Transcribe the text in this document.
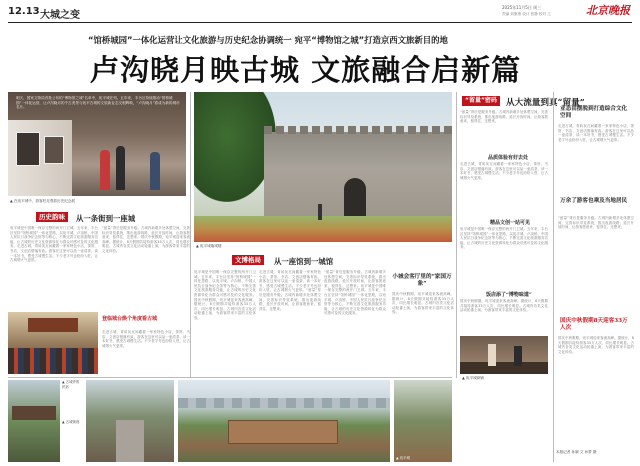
12.13 大城之变
2025年11月5日 周三
责编 刘康康 设计 张静 校对 王	北京晚报
“馆桥城园”一体化运营让文化旅游与历史纪念协调统一 宛平“博物馆之城”打造京西文旅新目的地
卢沟晓月映古城 文旅融合启新篇
明天，国家文物局首批公布的“博物馆之城”名单中，宛平城在列。五年来，丰台区持续推动“馆桥城园”一体化运营，让卢沟晓月的千古美景与宛平古城的文旅新业态交相辉映，“卢沟晓月”将成为新的城市名片。
▲ 在宛平城中，游客驻足观看历史纪念展
▲ 宛平城墙城楼
“留量”密码	从大流量到真“留量”
“留量”背后是服务升级。古城内新增多处休憩空间，完善标识导览系统，推出夜游线路，延长开放时间，让游客愿意来、留得住、还想来。
品质体验有好去处
走进古城，青砖灰瓦间藏着一家家特色小店，茶馆、书店、文创店错落有致。游客在这里可以品一壶清茶，读一本好书，感受古城慢生活。不少老字号也纷纷入驻，让古城烟火气更浓。
精品文创一站可见
宛平城是中国唯一保存完整的两开门卫城。五年来，丰台区坚持“馆桥城园”一体化思路，以宛平城、卢沟桥、中国人民抗日战争纪念馆等为核心，不断完善文化旅游服务功能，让古城的历史文化资源转化为群众可感可及的文化服务。
饭店添了“博物味道”
国庆中秋假期，宛平城迎来客流高峰。据统计，8天假期共接待游客33万人次，同比增长明显。古城内各类文化活动轮番上演，为游客带来丰富的文化体验。
▲ 宛平城商铺
业态由摆脱到打造综合文化空间
走进古城，青砖灰瓦间藏着一家家特色小店，茶馆、书店、文创店错落有致。游客在这里可以品一壶清茶，读一本好书，感受古城慢生活。不少老字号也纷纷入驻，让古城烟火气更浓。
万余了游客也乘及当地居民
“留量”背后是服务升级。古城内新增多处休憩空间，完善标识导览系统，推出夜游线路，延长开放时间，让游客愿意来、留得住、还想来。
国庆中秋假期8天迎客33万人次
国庆中秋假期，宛平城迎来客流高峰。据统计，8天假期共接待游客33万人次，同比增长明显。古城内各类文化活动轮番上演，为游客带来丰富的文化体验。
本版记者 孙颖 文 孙梦 摄
历史韵味	从一条街到一座城
宛平城是中国唯一保存完整的两开门卫城。五年来，丰台区坚持“馆桥城园”一体化思路，以宛平城、卢沟桥、中国人民抗日战争纪念馆等为核心，不断完善文化旅游服务功能，让古城的历史文化资源转化为群众可感可及的文化服务。走进古城，青砖灰瓦间藏着一家家特色小店，茶馆、书店、文创店错落有致。游客在这里可以品一壶清茶，读一本好书，感受古城慢生活。不少老字号也纷纷入驻，让古城烟火气更浓。
“留量”背后是服务升级。古城内新增多处休憩空间，完善标识导览系统，推出夜游线路，延长开放时间，让游客愿意来、留得住、还想来。国庆中秋假期，宛平城迎来客流高峰。据统计，8天假期共接待游客33万人次，同比增长明显。古城内各类文化活动轮番上演，为游客带来丰富的文化体验。
登临城台焕个角度看古城
走进古城，青砖灰瓦间藏着一家家特色小店，茶馆、书店、文创店错落有致。游客在这里可以品一壶清茶，读一本好书，感受古城慢生活。不少老字号也纷纷入驻，让古城烟火气更浓。
文博格局	从一座馆到一城馆
宛平城是中国唯一保存完整的两开门卫城。五年来，丰台区坚持“馆桥城园”一体化思路，以宛平城、卢沟桥、中国人民抗日战争纪念馆等为核心，不断完善文化旅游服务功能，让古城的历史文化资源转化为群众可感可及的文化服务。国庆中秋假期，宛平城迎来客流高峰。据统计，8天假期共接待游客33万人次，同比增长明显。古城内各类文化活动轮番上演，为游客带来丰富的文化体验。
走进古城，青砖灰瓦间藏着一家家特色小店，茶馆、书店、文创店错落有致。游客在这里可以品一壶清茶，读一本好书，感受古城慢生活。不少老字号也纷纷入驻，让古城烟火气更浓。“留量”背后是服务升级。古城内新增多处休憩空间，完善标识导览系统，推出夜游线路，延长开放时间，让游客愿意来、留得住、还想来。
“留量”背后是服务升级。古城内新增多处休憩空间，完善标识导览系统，推出夜游线路，延长开放时间，让游客愿意来、留得住、还想来。宛平城是中国唯一保存完整的两开门卫城。五年来，丰台区坚持“馆桥城园”一体化思路，以宛平城、卢沟桥、中国人民抗日战争纪念馆等为核心，不断完善文化旅游服务功能，让古城的历史文化资源转化为群众可感可及的文化服务。
小城会客厅里的“家国万象”
国庆中秋假期，宛平城迎来客流高峰。据统计，8天假期共接待游客33万人次，同比增长明显。古城内各类文化活动轮番上演，为游客带来丰富的文化体验。
▲ 古城旁的民宿
▲ 古城街巷
▲ 宛平城
